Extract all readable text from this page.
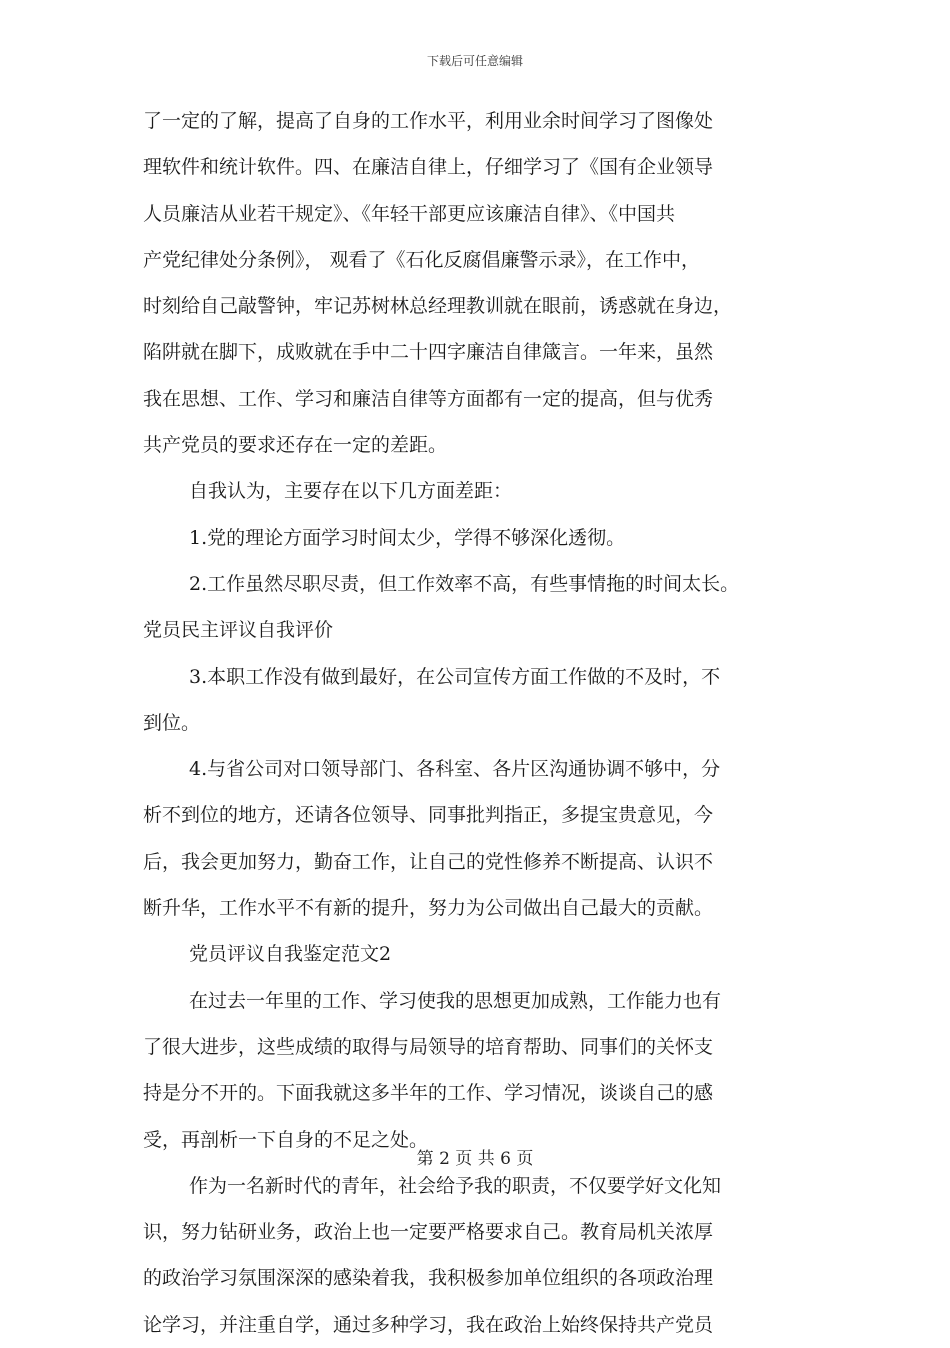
下载后可任意编辑
了一定的了解，提高了自身的工作水平，利用业余时间学习了图像处
理软件和统计软件。四、在廉洁自律上，仔细学习了《国有企业领导
人员廉洁从业若干规定》、《年轻干部更应该廉洁自律》、《中国共
产党纪律处分条例》， 观看了《石化反腐倡廉警示录》，在工作中，
时刻给自己敲警钟，牢记苏树林总经理教训就在眼前，诱惑就在身边，
陷阱就在脚下，成败就在手中二十四字廉洁自律箴言。一年来，虽然
我在思想、工作、学习和廉洁自律等方面都有一定的提高，但与优秀
共产党员的要求还存在一定的差距。
自我认为，主要存在以下几方面差距：
1.党的理论方面学习时间太少，学得不够深化透彻。
2.工作虽然尽职尽责，但工作效率不高，有些事情拖的时间太长。
党员民主评议自我评价
3.本职工作没有做到最好，在公司宣传方面工作做的不及时，不
到位。
4.与省公司对口领导部门、各科室、各片区沟通协调不够中，分
析不到位的地方，还请各位领导、同事批判指正，多提宝贵意见，今
后，我会更加努力，勤奋工作，让自己的党性修养不断提高、认识不
断升华，工作水平不有新的提升，努力为公司做出自己最大的贡献。
党员评议自我鉴定范文2
在过去一年里的工作、学习使我的思想更加成熟，工作能力也有
了很大进步，这些成绩的取得与局领导的培育帮助、同事们的关怀支
持是分不开的。下面我就这多半年的工作、学习情况，谈谈自己的感
受，再剖析一下自身的不足之处。
作为一名新时代的青年，社会给予我的职责，不仅要学好文化知
识，努力钻研业务，政治上也一定要严格要求自己。教育局机关浓厚
的政治学习氛围深深的感染着我，我积极参加单位组织的各项政治理
论学习，并注重自学，通过多种学习，我在政治上始终保持共产党员
第 2 页 共 6 页
